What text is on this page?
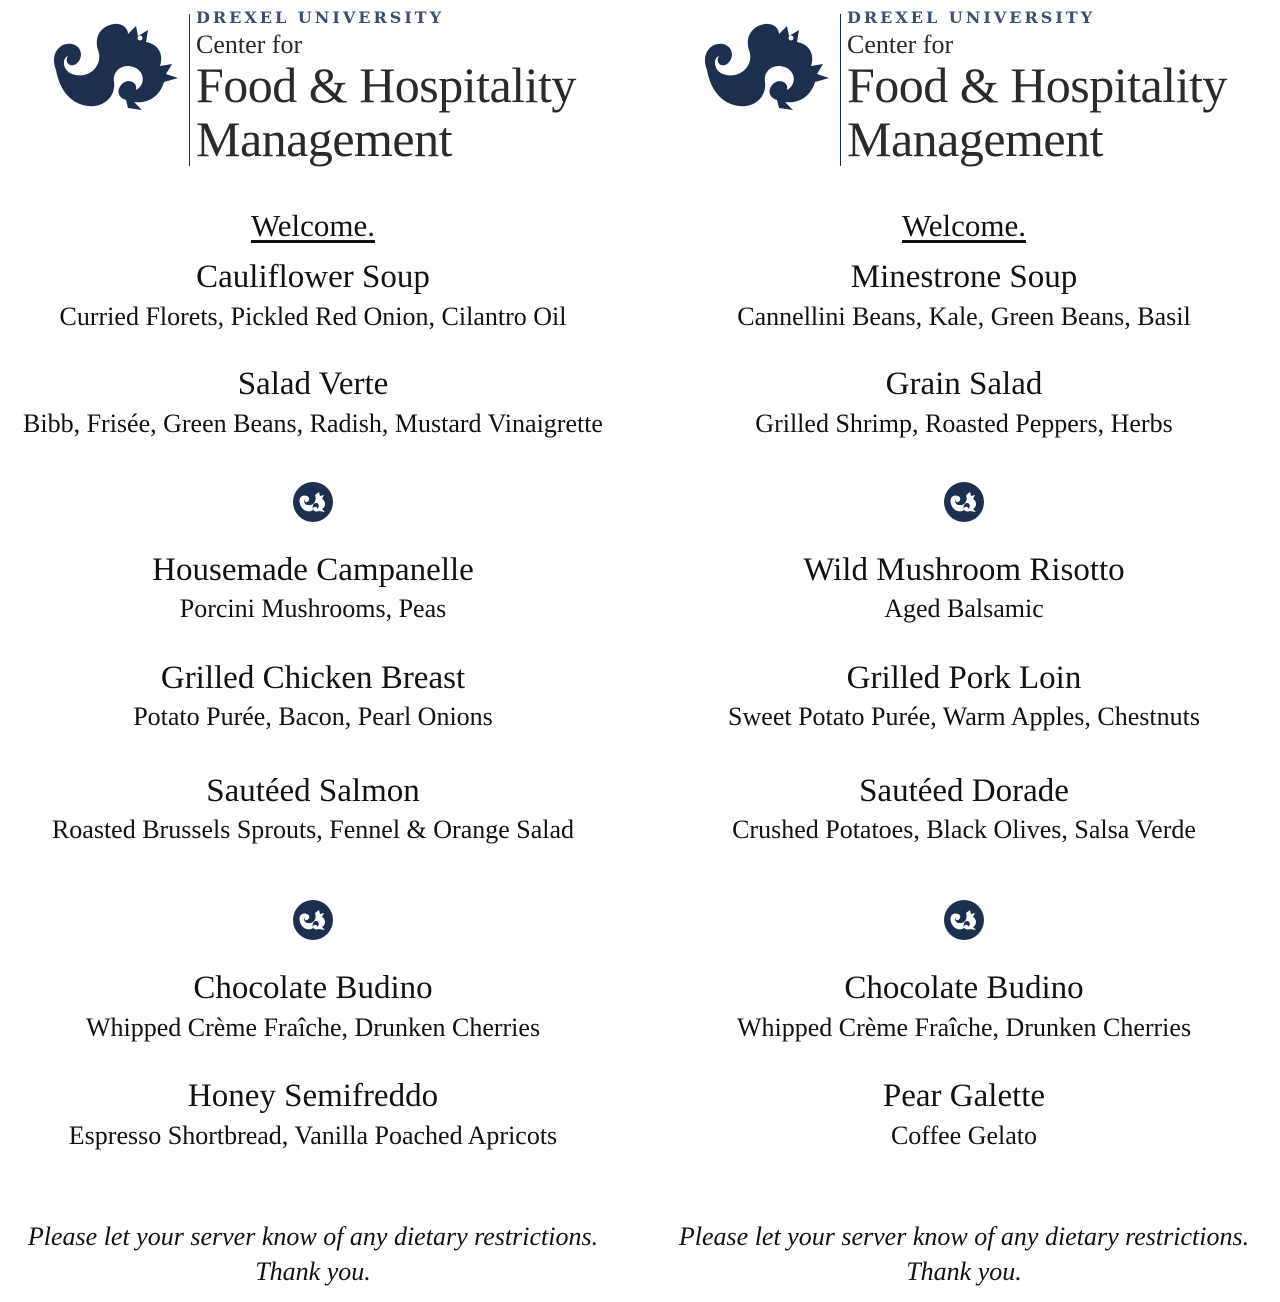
DREXEL UNIVERSITY
Center for
Food & Hospitality
Management
Welcome.
Cauliflower Soup
Curried Florets, Pickled Red Onion, Cilantro Oil
Salad Verte
Bibb, Frisée, Green Beans, Radish, Mustard Vinaigrette
Housemade Campanelle
Porcini Mushrooms, Peas
Grilled Chicken Breast
Potato Purée, Bacon, Pearl Onions
Sautéed Salmon
Roasted Brussels Sprouts, Fennel & Orange Salad
Chocolate Budino
Whipped Crème Fraîche, Drunken Cherries
Honey Semifreddo
Espresso Shortbread, Vanilla Poached Apricots
Please let your server know of any dietary restrictions.
Thank you.
DREXEL UNIVERSITY
Center for
Food & Hospitality
Management
Welcome.
Minestrone Soup
Cannellini Beans, Kale, Green Beans, Basil
Grain Salad
Grilled Shrimp, Roasted Peppers, Herbs
Wild Mushroom Risotto
Aged Balsamic
Grilled Pork Loin
Sweet Potato Purée, Warm Apples, Chestnuts
Sautéed Dorade
Crushed Potatoes, Black Olives, Salsa Verde
Chocolate Budino
Whipped Crème Fraîche, Drunken Cherries
Pear Galette
Coffee Gelato
Please let your server know of any dietary restrictions.
Thank you.
